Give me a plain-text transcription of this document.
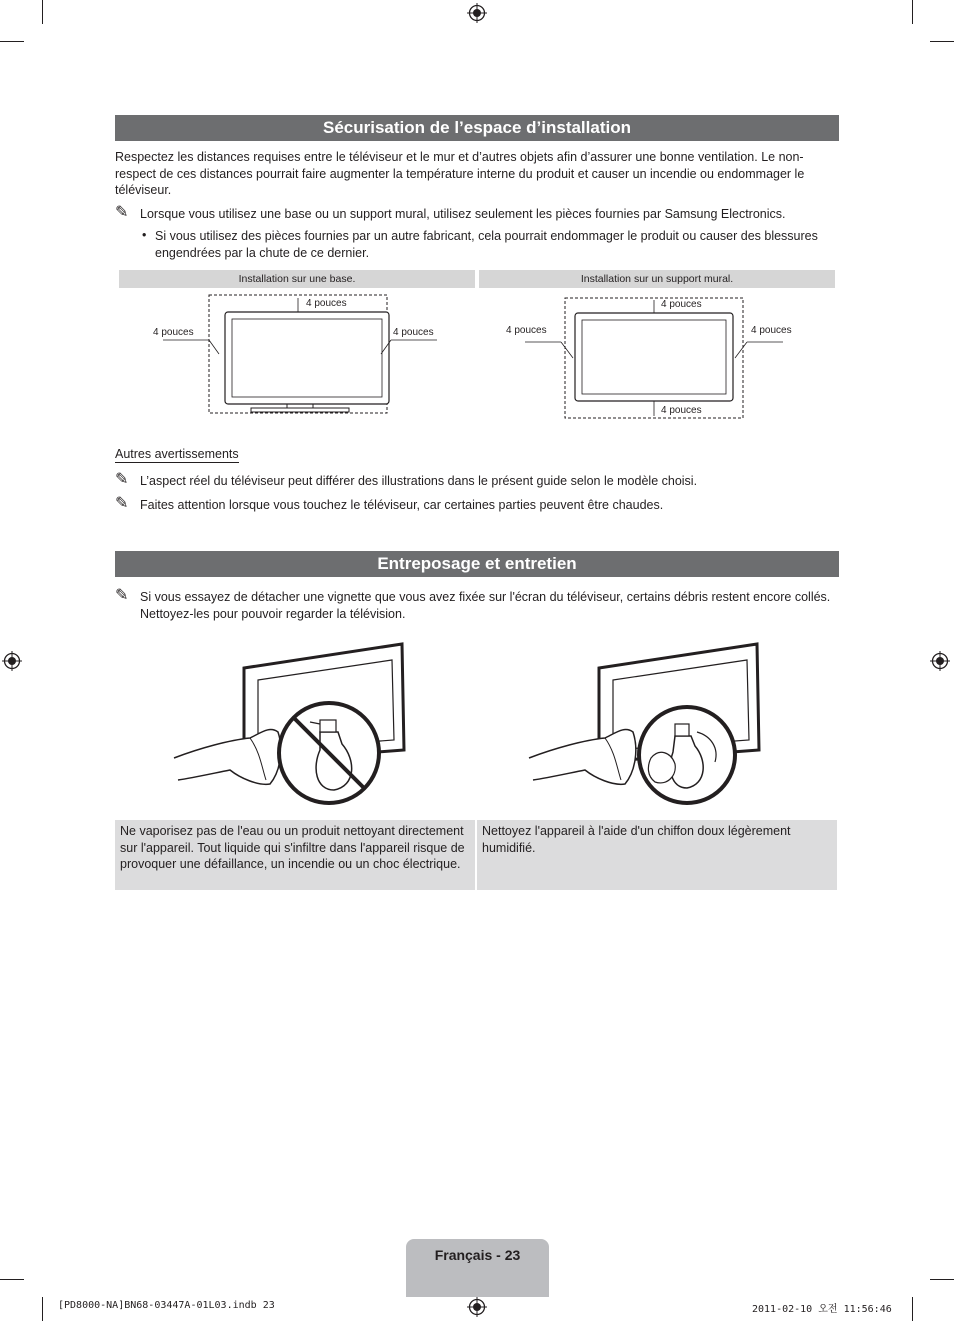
Sécurisation de l’espace d’installation
Respectez les distances requises entre le téléviseur et le mur et d’autres objets afin d’assurer une bonne ventilation. Le non-respect de ces distances pourrait faire augmenter la température interne du produit et causer un incendie ou endommager le téléviseur.
✎ Lorsque vous utilisez une base ou un support mural, utilisez seulement les pièces fournies par Samsung Electronics.
• Si vous utilisez des pièces fournies par un autre fabricant, cela pourrait endommager le produit ou causer des blessures engendrées par la chute de ce dernier.
Installation sur une base.	Installation sur un support mural.
4 pouces
4 pouces	4 pouces
4 pouces
4 pouces	4 pouces
4 pouces
Autres avertissements
✎ L’aspect réel du téléviseur peut différer des illustrations dans le présent guide selon le modèle choisi.
✎ Faites attention lorsque vous touchez le téléviseur, car certaines parties peuvent être chaudes.
Entreposage et entretien
✎ Si vous essayez de détacher une vignette que vous avez fixée sur l'écran du téléviseur, certains débris restent encore collés. Nettoyez-les pour pouvoir regarder la télévision.
Ne vaporisez pas de l'eau ou un produit nettoyant directement sur l'appareil. Tout liquide qui s'infiltre dans l'appareil risque de provoquer une défaillance, un incendie ou un choc électrique.
Nettoyez l'appareil à l'aide d'un chiffon doux légèrement humidifié.
Français - 23
[PD8000-NA]BN68-03447A-01L03.indb 23	2011-02-10 오전 11:56:46
